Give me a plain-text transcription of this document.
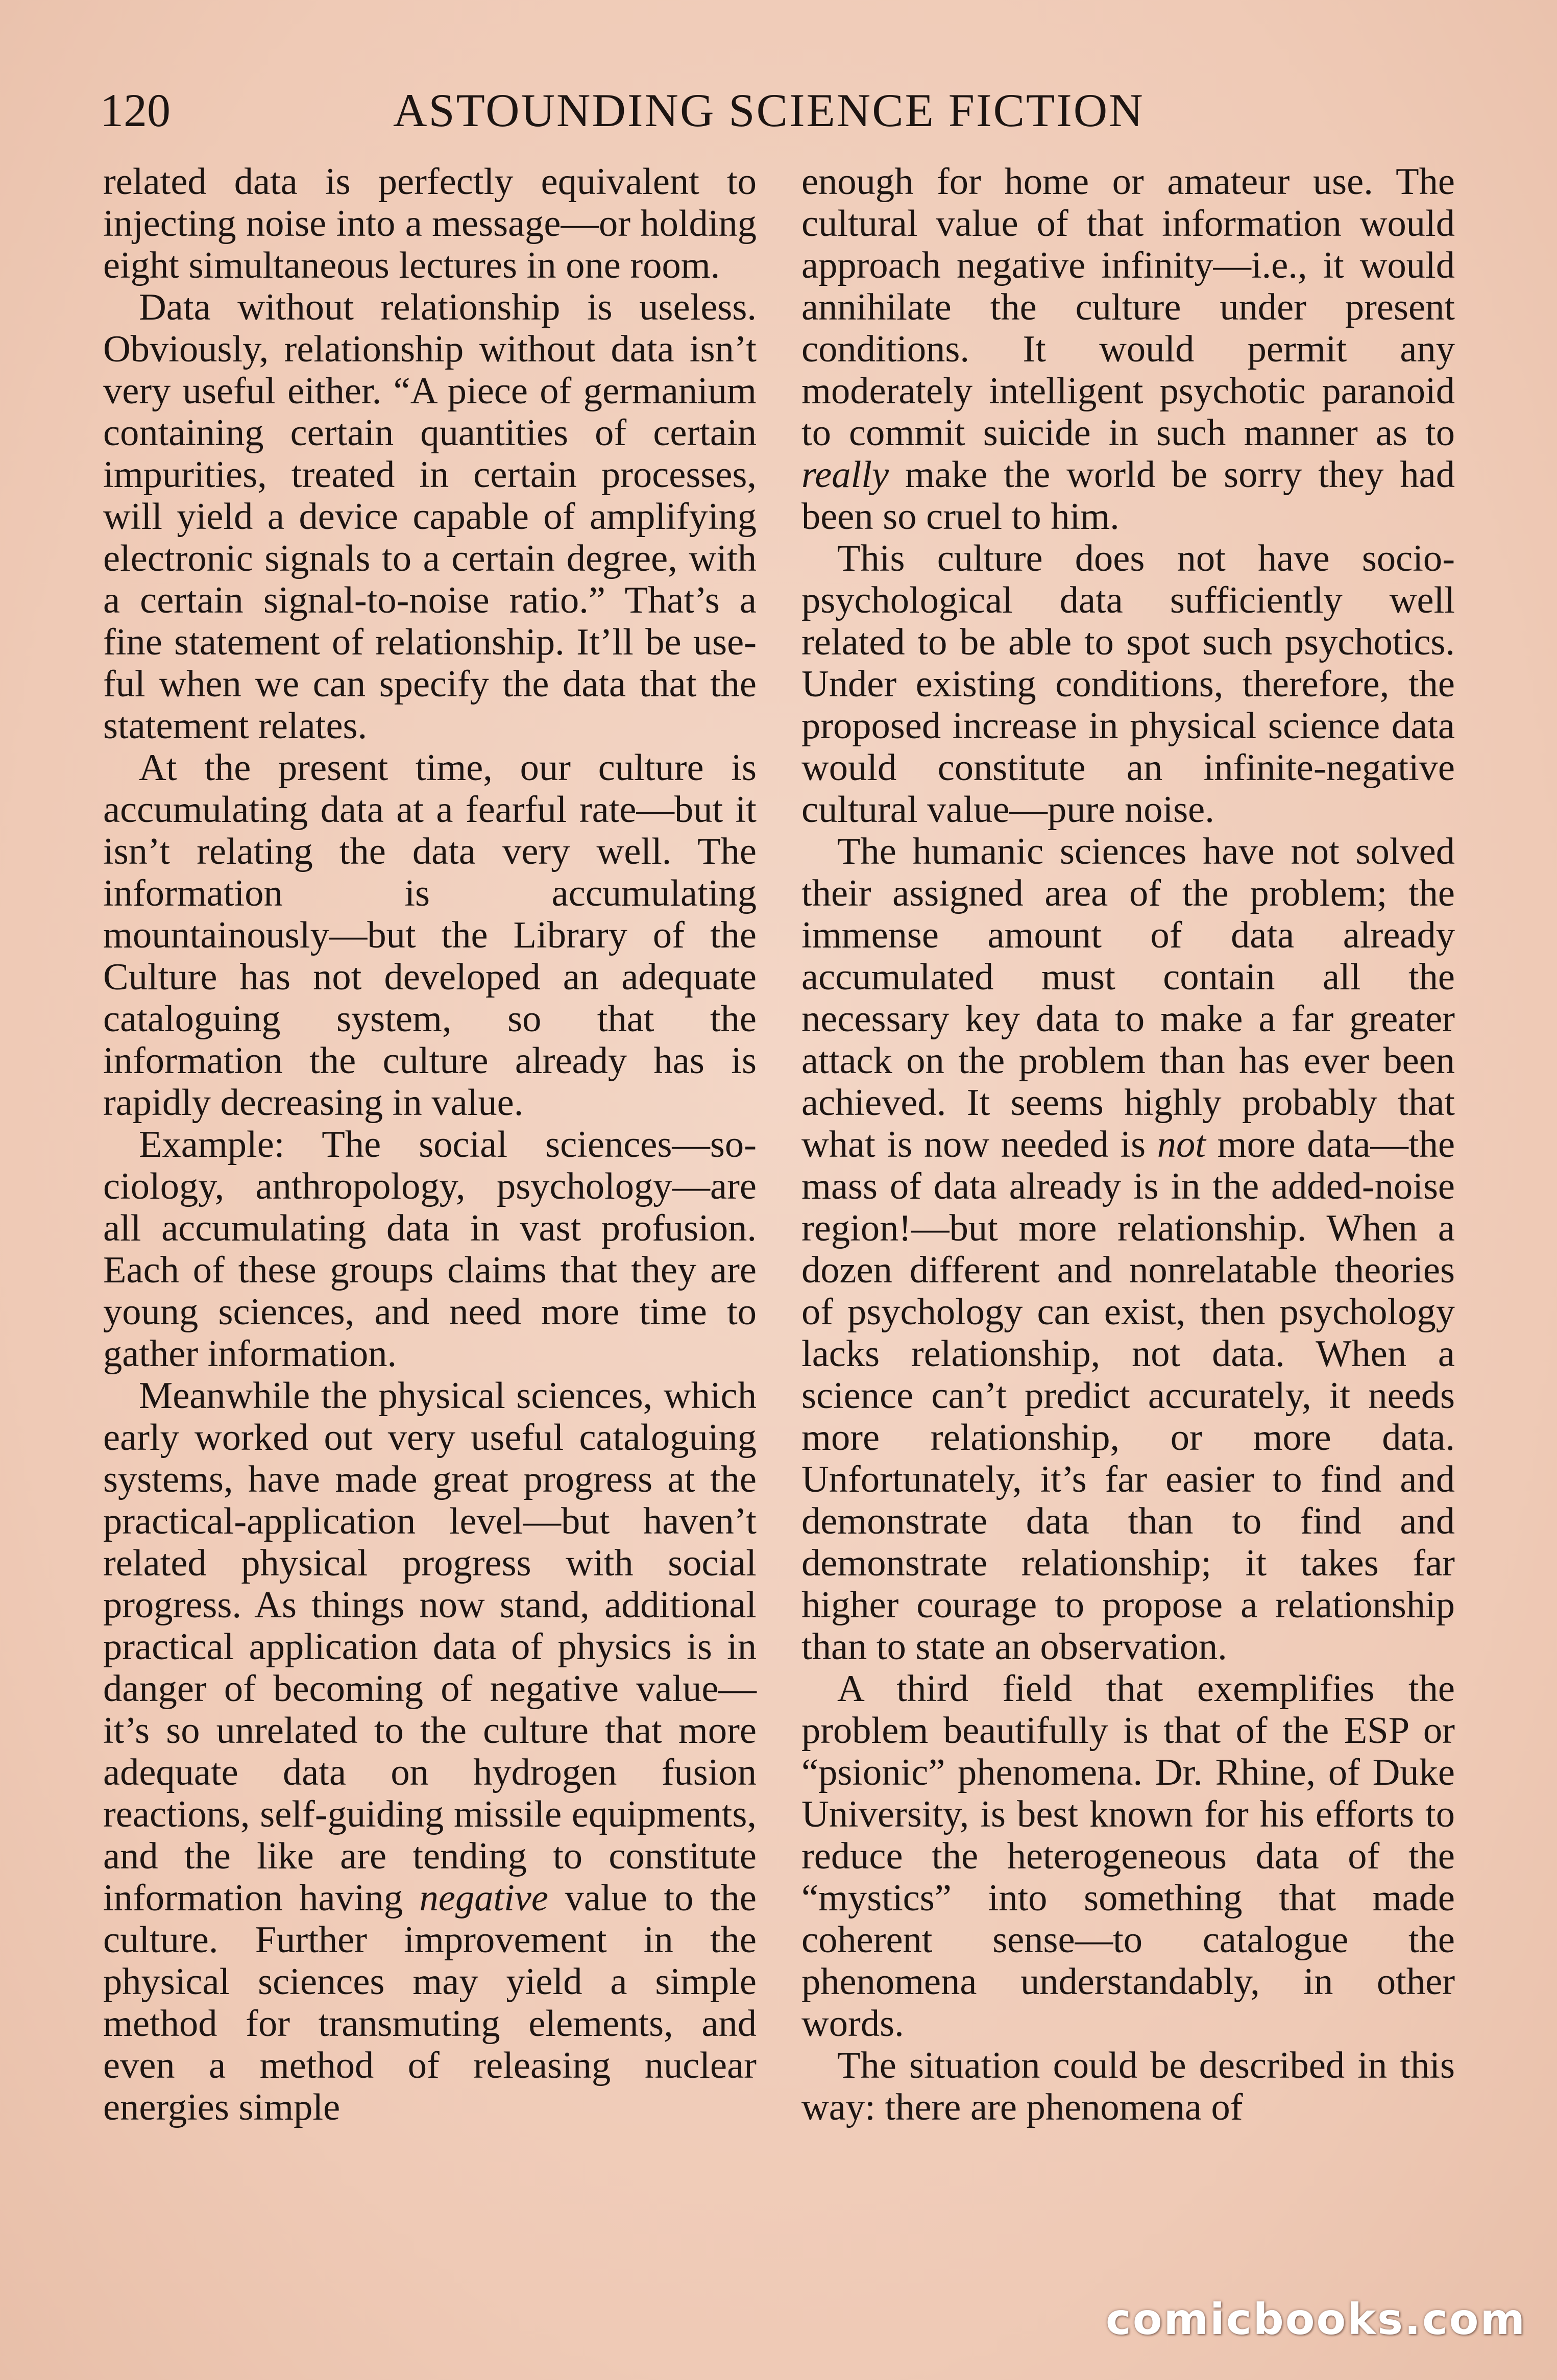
120	ASTOUNDING SCIENCE FICTION

related data is perfectly equivalent to injecting noise into a message—or holding eight simultaneous lectures in one room.

Data without relationship is useless. Obviously, relationship without data isn’t very useful either. “A piece of germanium containing certain quantities of certain impurities, treated in certain processes, will yield a device capable of amplifying electronic signals to a certain degree, with a certain signal-to-noise ratio.” That’s a fine statement of relationship. It’ll be useful when we can specify the data that the statement relates.

At the present time, our culture is accumulating data at a fearful rate—but it isn’t relating the data very well. The information is accumulating mountainously—but the Library of the Culture has not developed an adequate cataloguing system, so that the information the culture already has is rapidly decreasing in value.

Example: The social sciences—sociology, anthropology, psychology—are all accumulating data in vast profusion. Each of these groups claims that they are young sciences, and need more time to gather information.

Meanwhile the physical sciences, which early worked out very useful cataloguing systems, have made great progress at the practical-application level—but haven’t related physical progress with social progress. As things now stand, additional practical application data of physics is in danger of becoming of negative value—it’s so unrelated to the culture that more adequate data on hydrogen fusion reactions, self-guiding missile equipments, and the like are tending to constitute information having negative value to the culture. Further improvement in the physical sciences may yield a simple method for transmuting elements, and even a method of releasing nuclear energies simple

enough for home or amateur use. The cultural value of that information would approach negative infinity—i.e., it would annihilate the culture under present conditions. It would permit any moderately intelligent psychotic paranoid to commit suicide in such manner as to really make the world be sorry they had been so cruel to him.

This culture does not have sociopsychological data sufficiently well related to be able to spot such psychotics. Under existing conditions, therefore, the proposed increase in physical science data would constitute an infinite-negative cultural value—pure noise.

The humanic sciences have not solved their assigned area of the problem; the immense amount of data already accumulated must contain all the necessary key data to make a far greater attack on the problem than has ever been achieved. It seems highly probably that what is now needed is not more data—the mass of data already is in the added-noise region!—but more relationship. When a dozen different and nonrelatable theories of psychology can exist, then psychology lacks relationship, not data. When a science can’t predict accurately, it needs more relationship, or more data. Unfortunately, it’s far easier to find and demonstrate data than to find and demonstrate relationship; it takes far higher courage to propose a relationship than to state an observation.

A third field that exemplifies the problem beautifully is that of the ESP or “psionic” phenomena. Dr. Rhine, of Duke University, is best known for his efforts to reduce the heterogeneous data of the “mystics” into something that made coherent sense—to catalogue the phenomena understandably, in other words.

The situation could be described in this way: there are phenomena of

comicbooks.com
